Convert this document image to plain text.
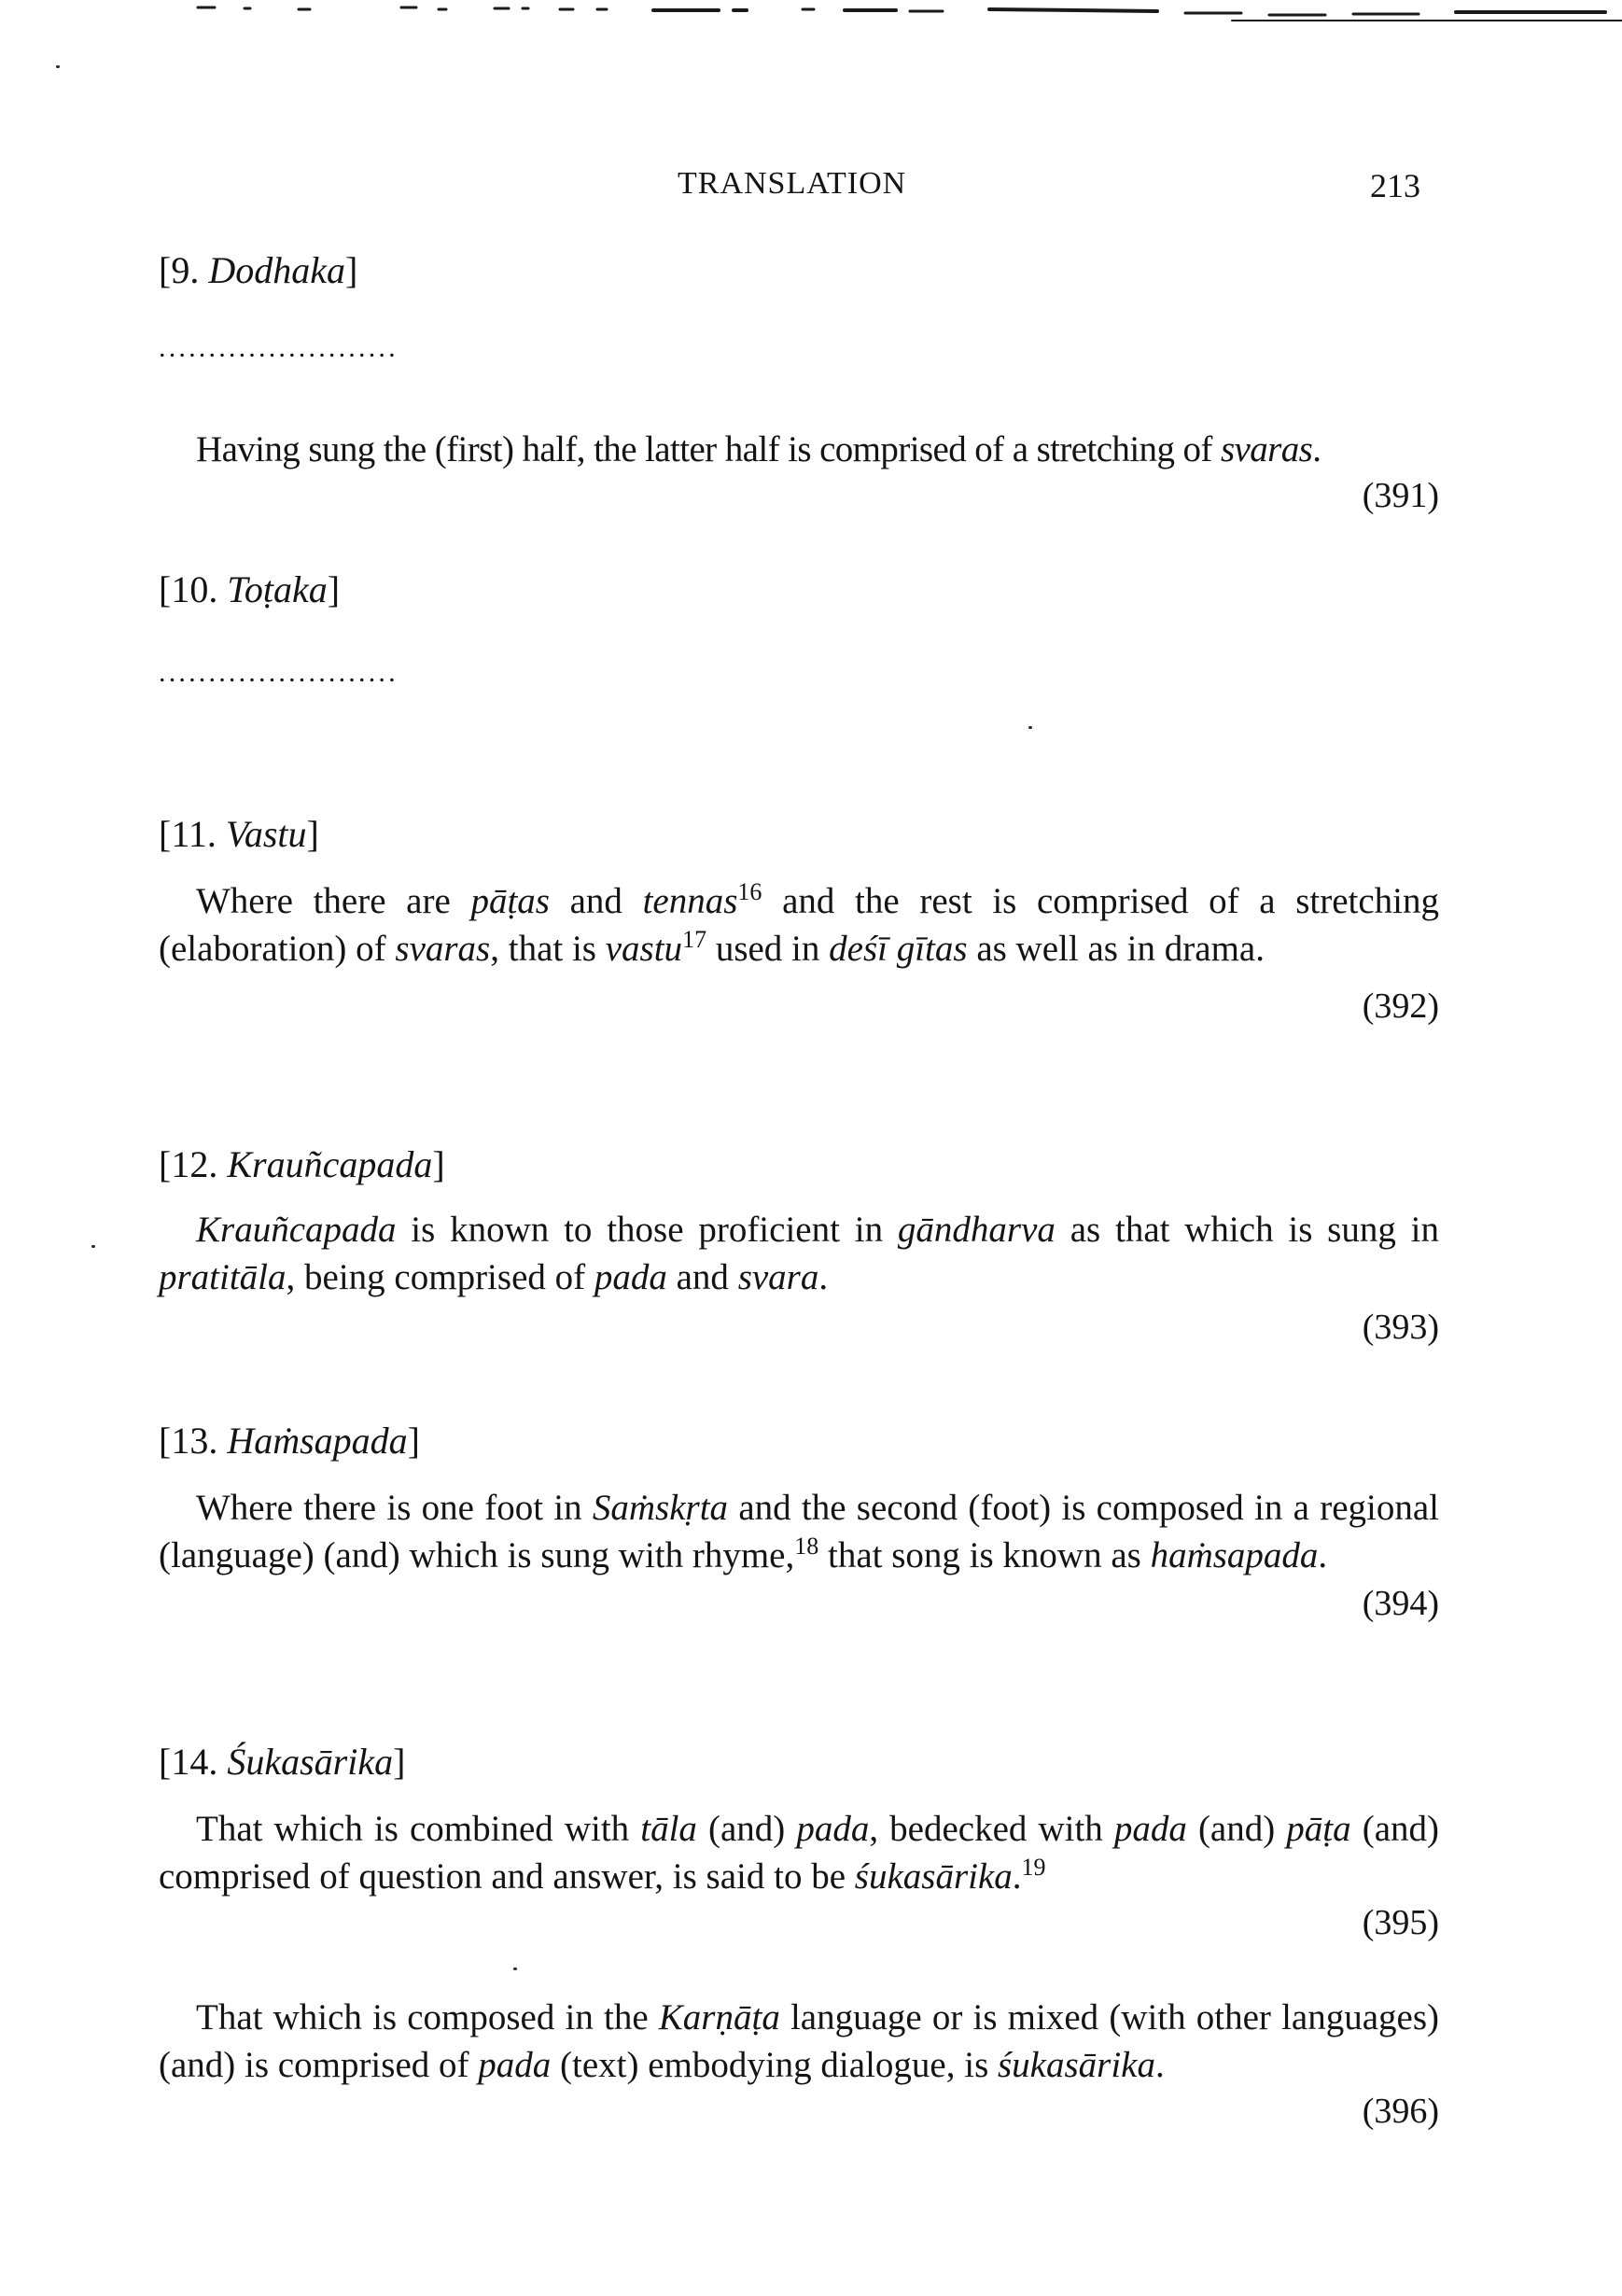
TRANSLATION	213

[9. Dodhaka]

........................

Having sung the (first) half, the latter half is comprised of a stretching of svaras.

(391)

[10. Toṭaka]

........................

[11. Vastu]

Where there are pāṭas and tennas$^{16}$ and the rest is comprised of a stretching (elaboration) of svaras, that is vastu$^{17}$ used in deśī gītas as well as in drama.

(392)

[12. Krauñcapada]

Krauñcapada is known to those proficient in gāndharva as that which is sung in pratitāla, being comprised of pada and svara.

(393)

[13. Haṁsapada]

Where there is one foot in Saṁskṛta and the second (foot) is composed in a regional (language) (and) which is sung with rhyme,$^{18}$ that song is known as haṁsapada.

(394)

[14. Śukasārika]

That which is combined with tāla (and) pada, bedecked with pada (and) pāṭa (and) comprised of question and answer, is said to be śukasārika.$^{19}$

(395)

That which is composed in the Karṇāṭa language or is mixed (with other languages) (and) is comprised of pada (text) embodying dialogue, is śukasārika.

(396)
